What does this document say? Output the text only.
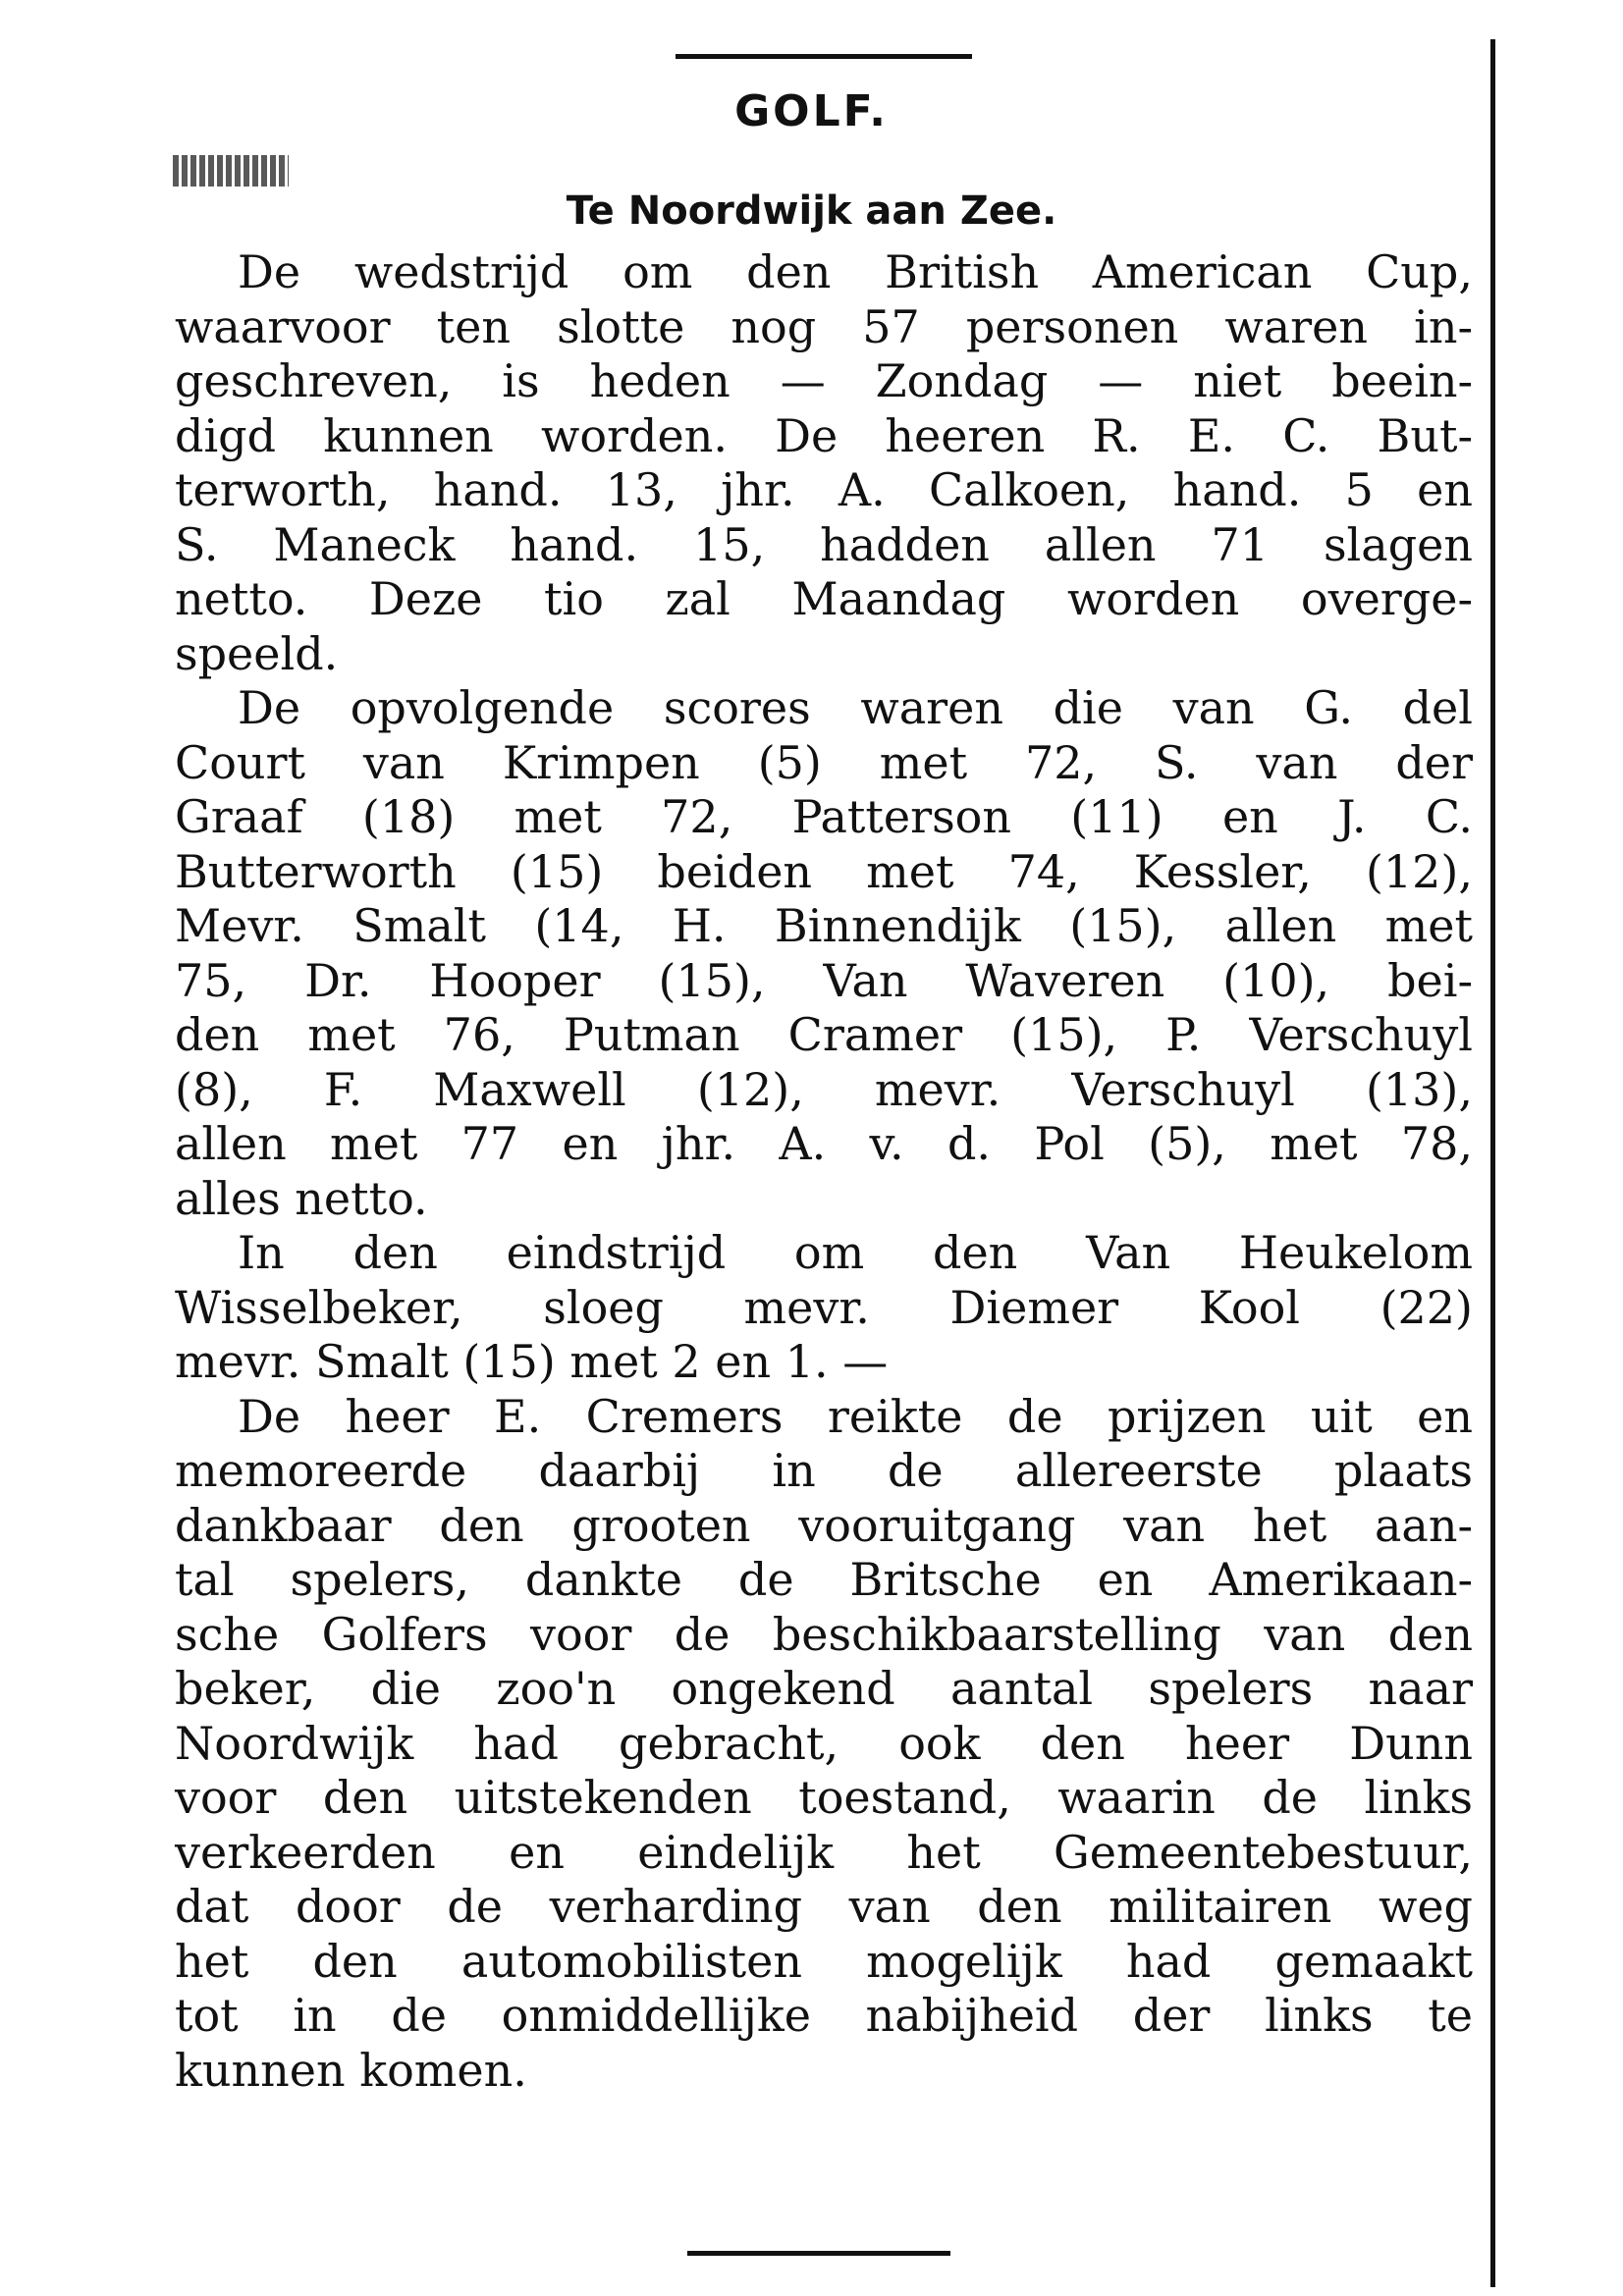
GOLF.
Te Noordwijk aan Zee.

De wedstrijd om den British American Cup,
waarvoor ten slotte nog 57 personen waren in-
geschreven, is heden — Zondag — niet beein-
digd kunnen worden. De heeren R. E. C. But-
terworth, hand. 13, jhr. A. Calkoen, hand. 5 en
S. Maneck hand. 15, hadden allen 71 slagen
netto. Deze tio zal Maandag worden overge-
speeld.

De opvolgende scores waren die van G. del
Court van Krimpen (5) met 72, S. van der
Graaf (18) met 72, Patterson (11) en J. C.
Butterworth (15) beiden met 74, Kessler, (12),
Mevr. Smalt (14, H. Binnendijk (15), allen met
75, Dr. Hooper (15), Van Waveren (10), bei-
den met 76, Putman Cramer (15), P. Verschuyl
(8), F. Maxwell (12), mevr. Verschuyl (13),
allen met 77 en jhr. A. v. d. Pol (5), met 78,
alles netto.

In den eindstrijd om den Van Heukelom
Wisselbeker, sloeg mevr. Diemer Kool (22)
mevr. Smalt (15) met 2 en 1. —

De heer E. Cremers reikte de prijzen uit en
memoreerde daarbij in de allereerste plaats
dankbaar den grooten vooruitgang van het aan-
tal spelers, dankte de Britsche en Amerikaan-
sche Golfers voor de beschikbaarstelling van den
beker, die zoo'n ongekend aantal spelers naar
Noordwijk had gebracht, ook den heer Dunn
voor den uitstekenden toestand, waarin de links
verkeerden en eindelijk het Gemeentebestuur,
dat door de verharding van den militairen weg
het den automobilisten mogelijk had gemaakt
tot in de onmiddellijke nabijheid der links te
kunnen komen.
